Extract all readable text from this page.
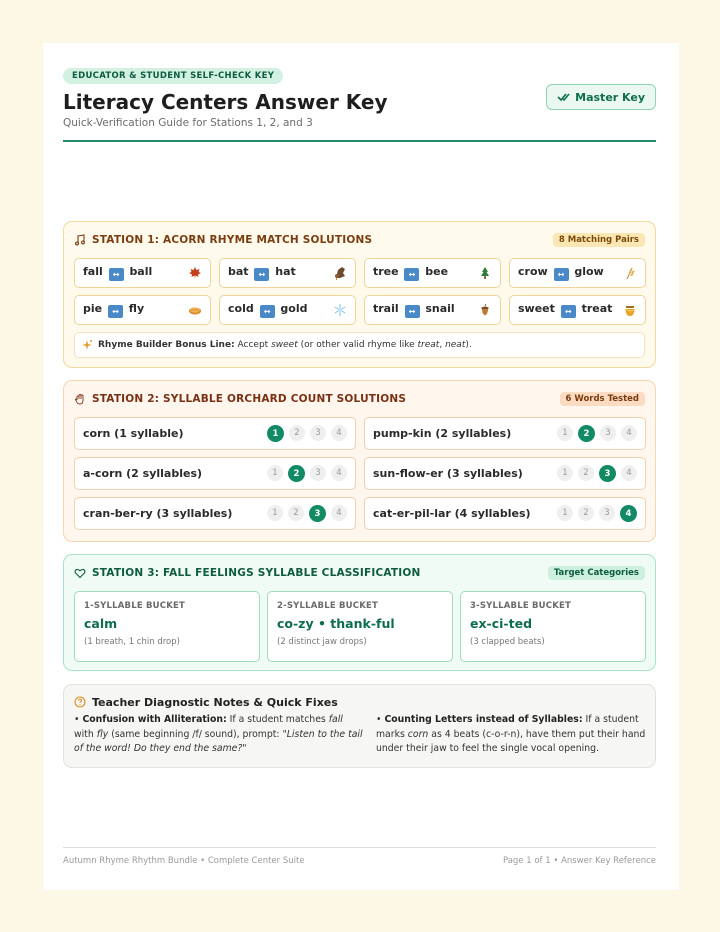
EDUCATOR & STUDENT SELF-CHECK KEY
Literacy Centers Answer Key
Quick-Verification Guide for Stations 1, 2, and 3
Master Key
STATION 1: ACORN RHYME MATCH SOLUTIONS	8 Matching Pairs
fall ↔ ball	bat ↔ hat	tree ↔ bee	crow ↔ glow
pie ↔ fly	cold ↔ gold	trail ↔ snail	sweet ↔ treat
Rhyme Builder Bonus Line: Accept sweet (or other valid rhyme like treat, neat).
STATION 2: SYLLABLE ORCHARD COUNT SOLUTIONS	6 Words Tested
corn (1 syllable)	1	2	3	4	pump-kin (2 syllables)	1	2	3	4
a-corn (2 syllables)	1	2	3	4	sun-flow-er (3 syllables)	1	2	3	4
cran-ber-ry (3 syllables)	1	2	3	4	cat-er-pil-lar (4 syllables)	1	2	3	4
STATION 3: FALL FEELINGS SYLLABLE CLASSIFICATION	Target Categories
1-SYLLABLE BUCKET
calm
(1 breath, 1 chin drop)
2-SYLLABLE BUCKET
co-zy • thank-ful
(2 distinct jaw drops)
3-SYLLABLE BUCKET
ex-ci-ted
(3 clapped beats)
Teacher Diagnostic Notes & Quick Fixes
• Confusion with Alliteration: If a student matches fall with fly (same beginning /f/ sound), prompt: "Listen to the tail of the word! Do they end the same?"
• Counting Letters instead of Syllables: If a student marks corn as 4 beats (c-o-r-n), have them put their hand under their jaw to feel the single vocal opening.
Autumn Rhyme Rhythm Bundle • Complete Center Suite	Page 1 of 1 • Answer Key Reference
